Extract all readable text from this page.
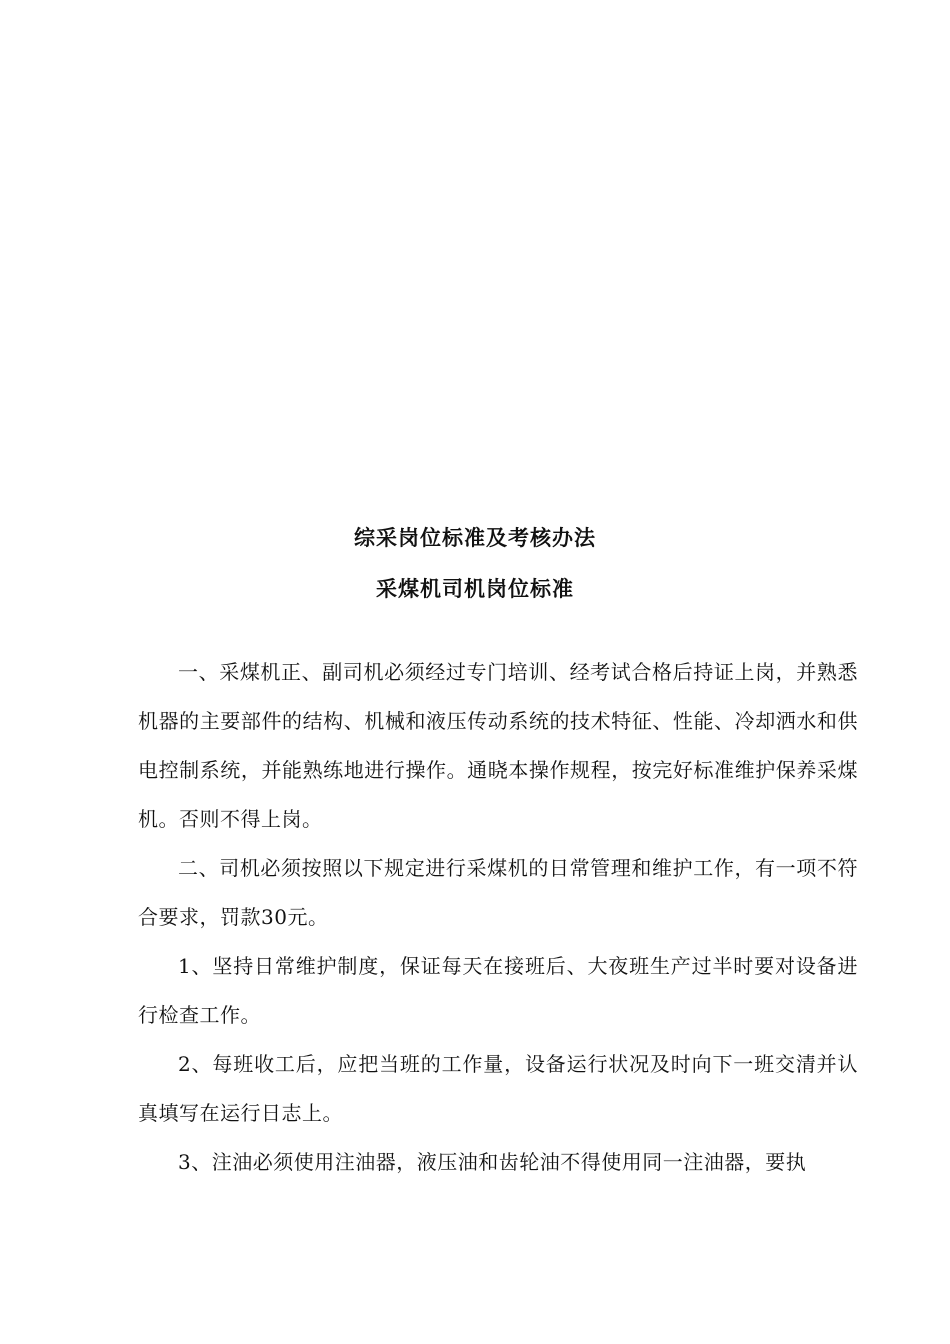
综采岗位标准及考核办法
采煤机司机岗位标准

一、采煤机正、副司机必须经过专门培训、经考试合格后持证上岗，并熟悉机器的主要部件的结构、机械和液压传动系统的技术特征、性能、冷却洒水和供电控制系统，并能熟练地进行操作。通晓本操作规程，按完好标准维护保养采煤机。否则不得上岗。

二、司机必须按照以下规定进行采煤机的日常管理和维护工作，有一项不符合要求，罚款30元。

1、坚持日常维护制度，保证每天在接班后、大夜班生产过半时要对设备进行检查工作。

2、每班收工后，应把当班的工作量，设备运行状况及时向下一班交清并认真填写在运行日志上。

3、注油必须使用注油器，液压油和齿轮油不得使用同一注油器，要执
